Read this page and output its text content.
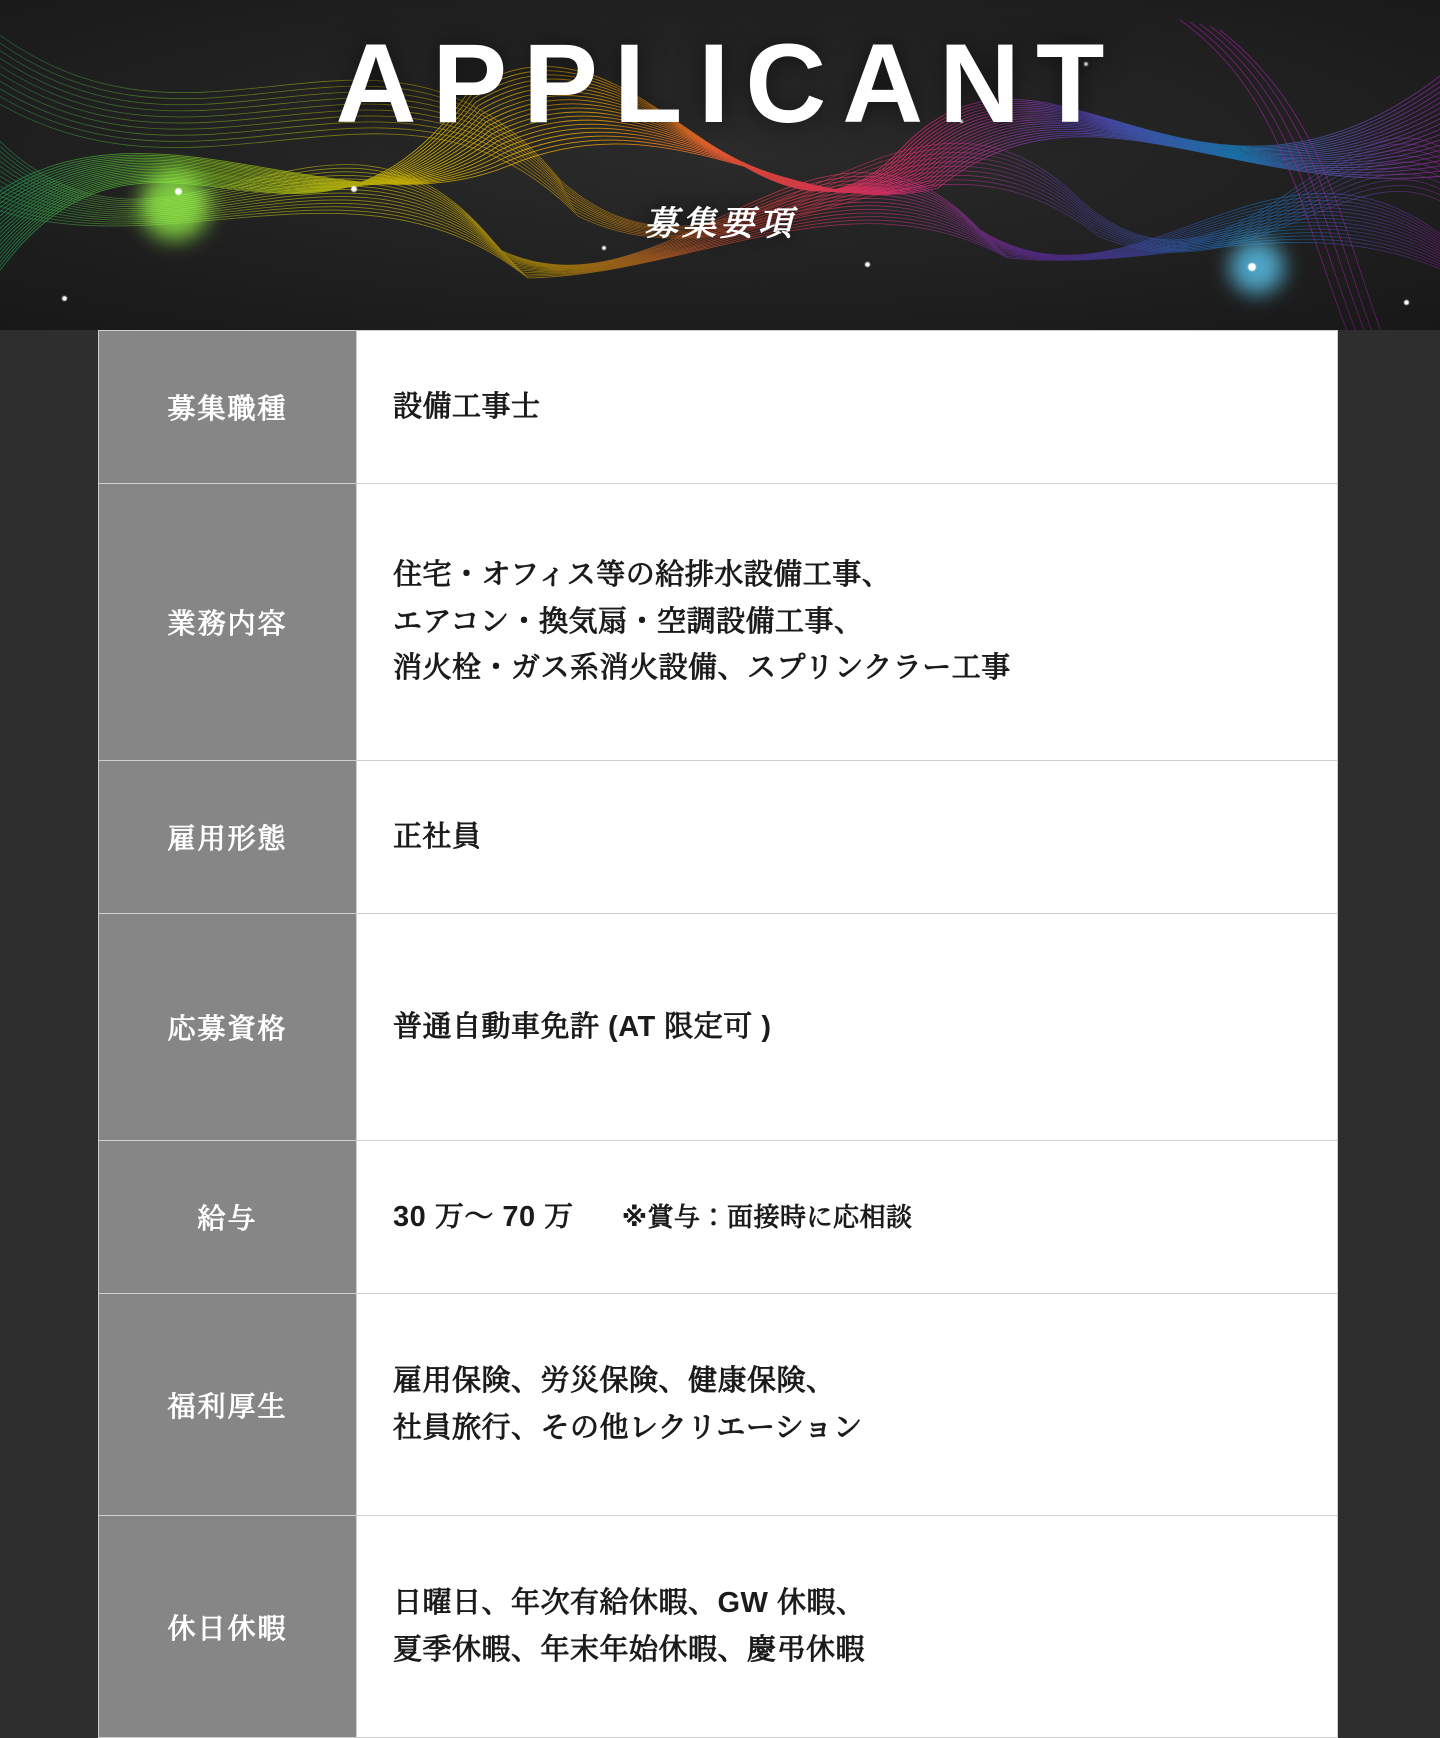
APPLICANT
募集要項
募集職種	設備工事士

業務内容	住宅・オフィス等の給排水設備工事、
エアコン・換気扇・空調設備工事、
消火栓・ガス系消火設備、スプリンクラー工事

雇用形態	正社員

応募資格	普通自動車免許 (AT 限定可 )

給与	30 万〜 70 万 ※賞与：面接時に応相談
福利厚生	雇用保険、労災保険、健康保険、
社員旅行、その他レクリエーション

休日休暇	日曜日、年次有給休暇、GW 休暇、
夏季休暇、年末年始休暇、慶弔休暇
